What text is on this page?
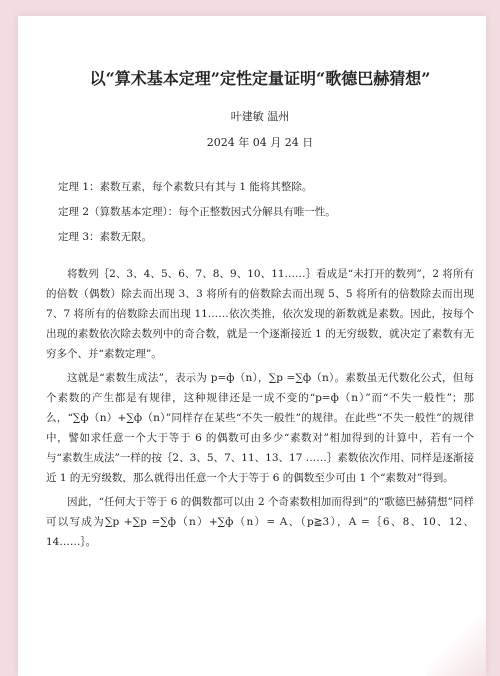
以“算术基本定理”定性定量证明“歌德巴赫猜想”
叶建敏 温州
2024 年 04 月 24 日

定理 1：素数互素，每个素数只有其与 1 能将其整除。

定理 2（算数基本定理）：每个正整数因式分解具有唯一性。

定理 3：素数无限。

将数列｛2、3、4、5、6、7、8、9、10、11……｝看成是“未打开的数列”，2 将所有的倍数（偶数）除去而出现 3、3 将所有的倍数除去而出现 5、5 将所有的倍数除去而出现 7、7 将所有的倍数除去而出现 11……依次类推，依次发现的新数就是素数。因此，按每个出现的素数依次除去数列中的奇合数，就是一个逐渐接近 1 的无穷级数，就决定了素数有无穷多个、并“素数定理”。

这就是“素数生成法”，表示为 p=ф（n），∑p =∑ф（n）。素数虽无代数化公式，但每个素数的产生都是有规律，这种规律还是一成不变的“p=ф（n）”而“不失一般性”；那么，“∑ф（n）+∑ф（n）”同样存在某些“不失一般性”的规律。在此些“不失一般性”的规律中，譬如求任意一个大于等于 6 的偶数可由多少“素数对”相加得到的计算中，若有一个与“素数生成法”一样的按｛2、3、5、7、11、13、17 ……｝素数依次作用、同样是逐渐接近 1 的无穷级数，那么就得出任意一个大于等于 6 的偶数至少可由 1 个“素数对”得到。

因此，“任何大于等于 6 的偶数都可以由 2 个奇素数相加而得到”的“歌德巴赫猜想”同样可以写成为∑p +∑p =∑ф（n）+∑ф（n）= A、（p≧3），A =｛6、8、10、12、14……｝。
